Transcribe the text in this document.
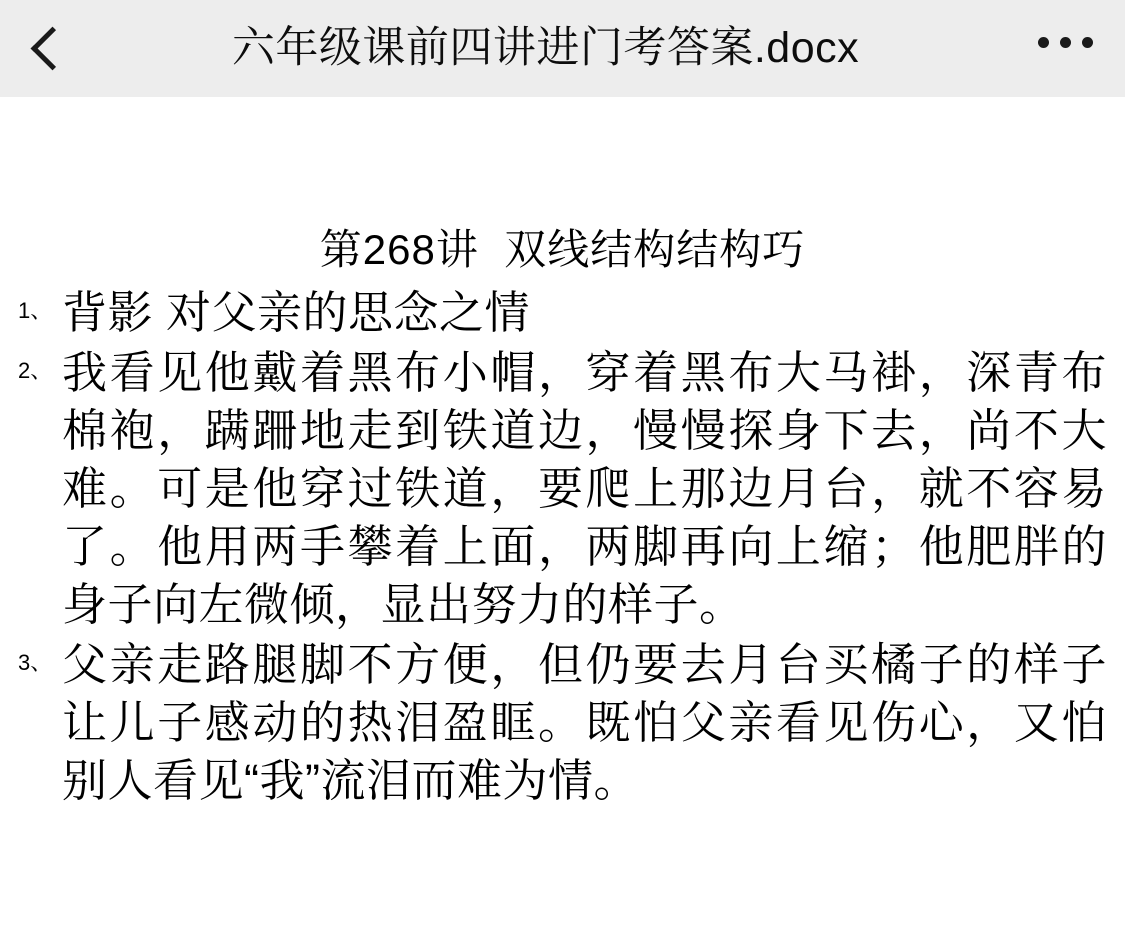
六年级课前四讲进门考答案.docx
第268讲  双线结构结构巧
背影 对父亲的思念之情
我看见他戴着黑布小帽，穿着黑布大马褂，深青布棉袍，蹒跚地走到铁道边，慢慢探身下去，尚不大难。可是他穿过铁道，要爬上那边月台，就不容易了。他用两手攀着上面，两脚再向上缩；他肥胖的身子向左微倾，显出努力的样子。
父亲走路腿脚不方便，但仍要去月台买橘子的样子让儿子感动的热泪盈眶。既怕父亲看见伤心，又怕别人看见“我”流泪而难为情。
